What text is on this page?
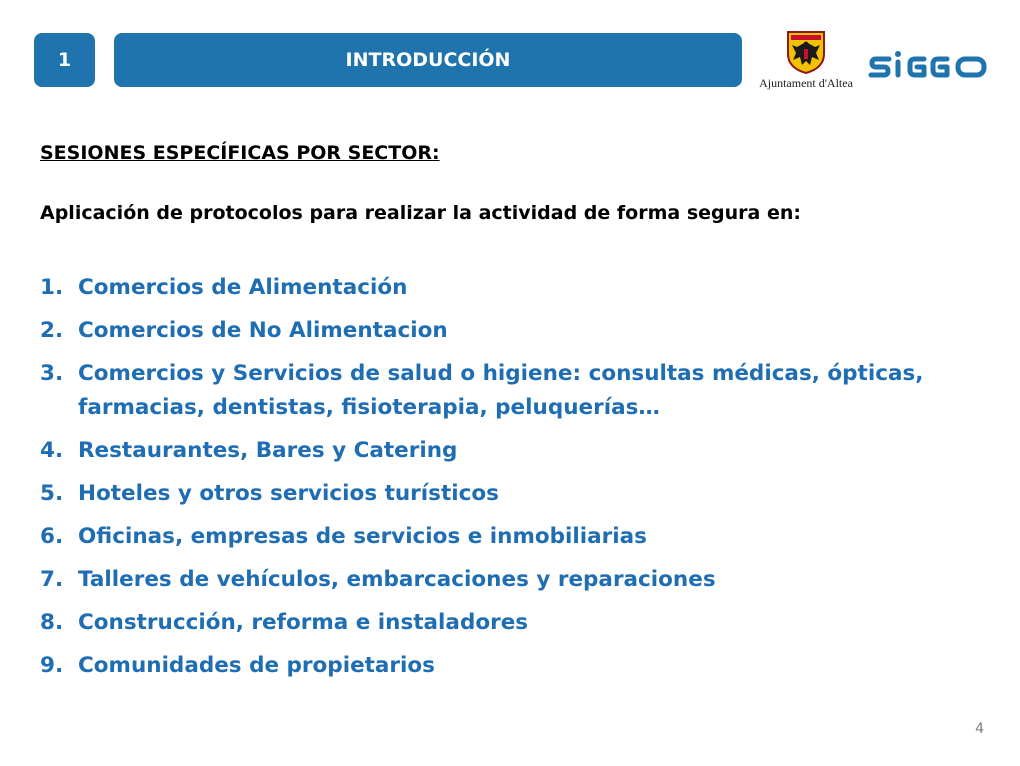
1	INTRODUCCIÓN
Ajuntament d'Altea
SESIONES ESPECÍFICAS POR SECTOR:

Aplicación de protocolos para realizar la actividad de forma segura en:

1. Comercios de Alimentación
2. Comercios de No Alimentacion
3. Comercios y Servicios de salud o higiene: consultas médicas, ópticas, farmacias, dentistas, fisioterapia, peluquerías…
4. Restaurantes, Bares y Catering
5. Hoteles y otros servicios turísticos
6. Oficinas, empresas de servicios e inmobiliarias
7. Talleres de vehículos, embarcaciones y reparaciones
8. Construcción, reforma e instaladores
9. Comunidades de propietarios
4
